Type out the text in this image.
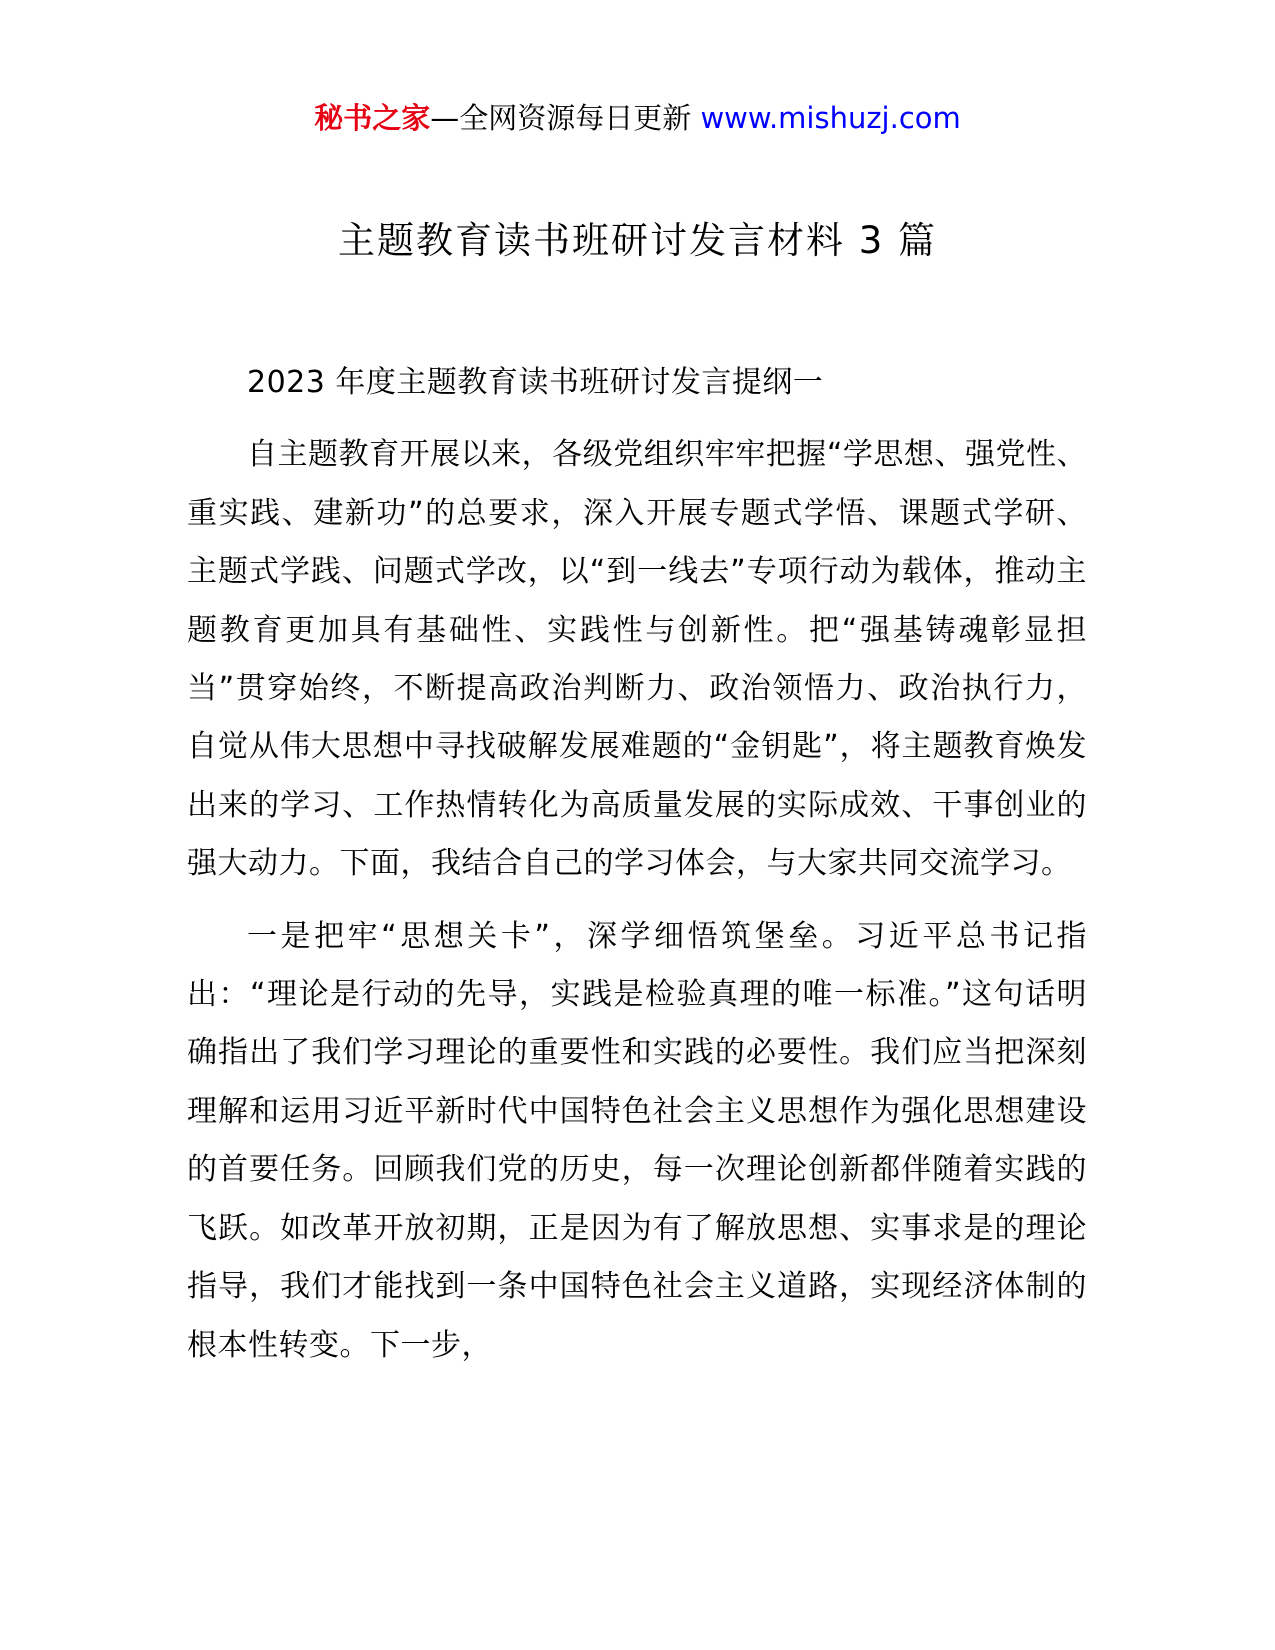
秘书之家—全网资源每日更新 www.mishuzj.com
主题教育读书班研讨发言材料 3 篇

2023 年度主题教育读书班研讨发言提纲一

自主题教育开展以来，各级党组织牢牢把握“学思想、强党性、重实践、建新功”的总要求，深入开展专题式学悟、课题式学研、主题式学践、问题式学改，以“到一线去”专项行动为载体，推动主题教育更加具有基础性、实践性与创新性。把“强基铸魂彰显担当”贯穿始终，不断提高政治判断力、政治领悟力、政治执行力，自觉从伟大思想中寻找破解发展难题的“金钥匙”，将主题教育焕发出来的学习、工作热情转化为高质量发展的实际成效、干事创业的强大动力。下面，我结合自己的学习体会，与大家共同交流学习。

一是把牢“思想关卡”，深学细悟筑堡垒。习近平总书记指出：“理论是行动的先导，实践是检验真理的唯一标准。”这句话明确指出了我们学习理论的重要性和实践的必要性。我们应当把深刻理解和运用习近平新时代中国特色社会主义思想作为强化思想建设的首要任务。回顾我们党的历史，每一次理论创新都伴随着实践的飞跃。如改革开放初期，正是因为有了解放思想、实事求是的理论指导，我们才能找到一条中国特色社会主义道路，实现经济体制的根本性转变。下一步，
